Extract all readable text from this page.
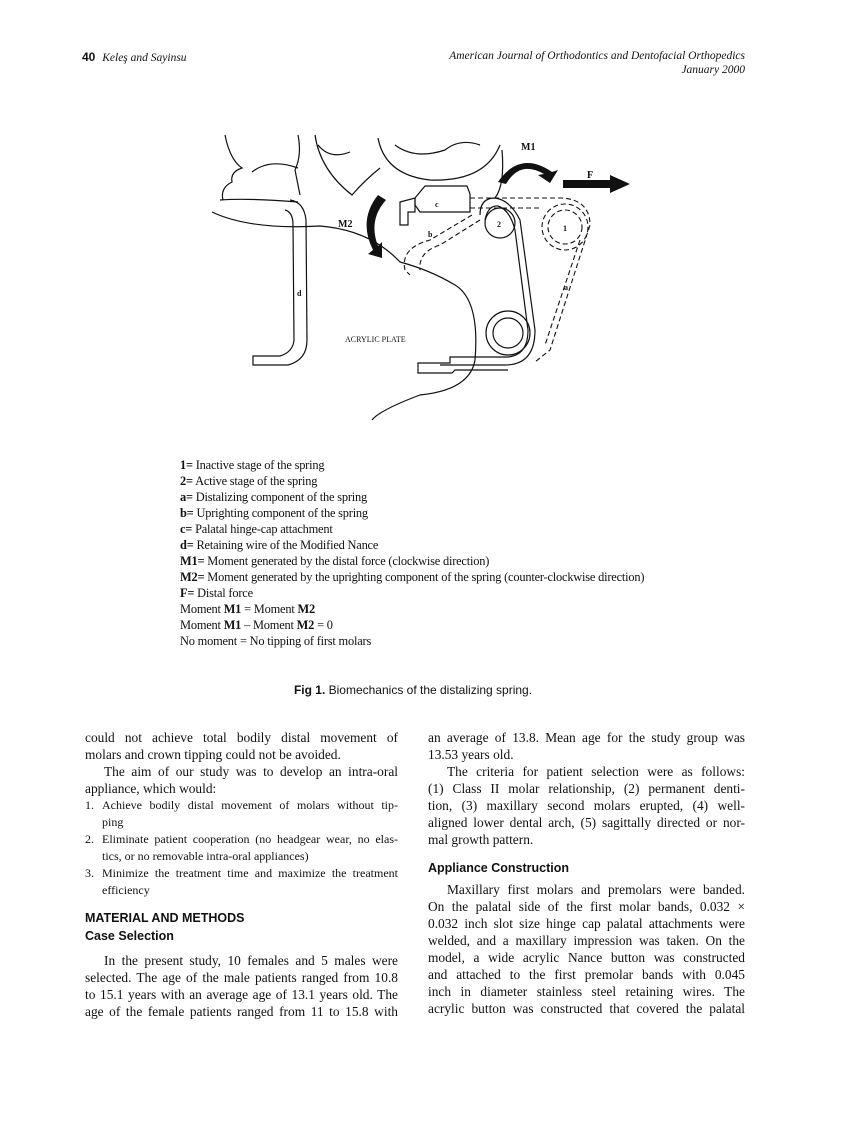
40 Keleş and Sayinsu	American Journal of Orthodontics and Dentofacial Orthopedics
January 2000
M1
F
M2
c
b
2	1
a
d
ACRYLIC PLATE
1= Inactive stage of the spring
2= Active stage of the spring
a= Distalizing component of the spring
b= Uprighting component of the spring
c= Palatal hinge-cap attachment
d= Retaining wire of the Modified Nance
M1= Moment generated by the distal force (clockwise direction)
M2= Moment generated by the uprighting component of the spring (counter-clockwise direction)
F= Distal force
Moment M1 = Moment M2
Moment M1 – Moment M2 = 0
No moment = No tipping of first molars
Fig 1. Biomechanics of the distalizing spring.
could not achieve total bodily distal movement of
molars and crown tipping could not be avoided.
The aim of our study was to develop an intra-oral
appliance, which would:
1. Achieve bodily distal movement of molars without tip-
ping
2. Eliminate patient cooperation (no headgear wear, no elas-
tics, or no removable intra-oral appliances)
3. Minimize the treatment time and maximize the treatment
efficiency
MATERIAL AND METHODS
Case Selection
In the present study, 10 females and 5 males were
selected. The age of the male patients ranged from 10.8
to 15.1 years with an average age of 13.1 years old. The
age of the female patients ranged from 11 to 15.8 with
an average of 13.8. Mean age for the study group was
13.53 years old.
The criteria for patient selection were as follows:
(1) Class II molar relationship, (2) permanent denti-
tion, (3) maxillary second molars erupted, (4) well-
aligned lower dental arch, (5) sagittally directed or nor-
mal growth pattern.
Appliance Construction
Maxillary first molars and premolars were banded.
On the palatal side of the first molar bands, 0.032 ×
0.032 inch slot size hinge cap palatal attachments were
welded, and a maxillary impression was taken. On the
model, a wide acrylic Nance button was constructed
and attached to the first premolar bands with 0.045
inch in diameter stainless steel retaining wires. The
acrylic button was constructed that covered the palatal
